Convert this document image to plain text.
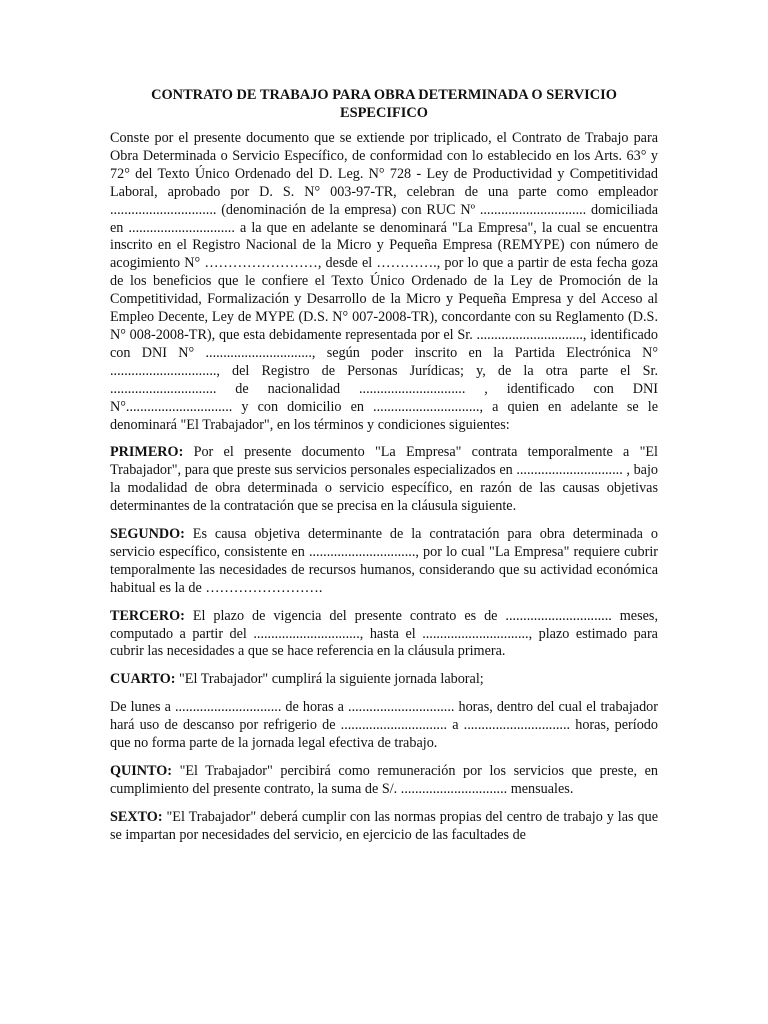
CONTRATO DE TRABAJO PARA OBRA DETERMINADA O SERVICIO ESPECIFICO
Conste por el presente documento que se extiende por triplicado, el Contrato de Trabajo para Obra Determinada o Servicio Específico, de conformidad con lo establecido en los Arts. 63° y 72° del Texto Único Ordenado del D. Leg. N° 728 - Ley de Productividad y Competitividad Laboral, aprobado por D. S. N° 003-97-TR, celebran de una parte como empleador .............................. (denominación de la empresa) con RUC Nº .............................. domiciliada en .............................. a la que en adelante se denominará "La Empresa", la cual se encuentra inscrito en el Registro Nacional de la Micro y Pequeña Empresa (REMYPE) con número de acogimiento N° ……………………, desde el …………., por lo que a partir de esta fecha goza de los beneficios que le confiere el Texto Único Ordenado de la Ley de Promoción de la Competitividad, Formalización y Desarrollo de la Micro y Pequeña Empresa y del Acceso al Empleo Decente, Ley de MYPE (D.S. N° 007-2008-TR), concordante con su Reglamento (D.S. N° 008-2008-TR), que esta debidamente representada por el Sr. .............................., identificado con DNI N° .............................., según poder inscrito en la Partida Electrónica N° .............................., del Registro de Personas Jurídicas; y, de la otra parte el Sr. .............................. de nacionalidad .............................. , identificado con DNI N°.............................. y con domicilio en .............................., a quien en adelante se le denominará "El Trabajador", en los términos y condiciones siguientes:
PRIMERO: Por el presente documento "La Empresa" contrata temporalmente a "El Trabajador", para que preste sus servicios personales especializados en .............................. , bajo la modalidad de obra determinada o servicio específico, en razón de las causas objetivas determinantes de la contratación que se precisa en la cláusula siguiente.
SEGUNDO: Es causa objetiva determinante de la contratación para obra determinada o servicio específico, consistente en .............................., por lo cual "La Empresa" requiere cubrir temporalmente las necesidades de recursos humanos, considerando que su actividad económica habitual es la de …………………….
TERCERO: El plazo de vigencia del presente contrato es de .............................. meses, computado a partir del .............................., hasta el .............................., plazo estimado para cubrir las necesidades a que se hace referencia en la cláusula primera.
CUARTO: "El Trabajador" cumplirá la siguiente jornada laboral;
De lunes a .............................. de horas a .............................. horas, dentro del cual el trabajador hará uso de descanso por refrigerio de .............................. a .............................. horas, período que no forma parte de la jornada legal efectiva de trabajo.
QUINTO: "El Trabajador" percibirá como remuneración por los servicios que preste, en cumplimiento del presente contrato, la suma de S/. .............................. mensuales.
SEXTO: "El Trabajador" deberá cumplir con las normas propias del centro de trabajo y las que se impartan por necesidades del servicio, en ejercicio de las facultades de
